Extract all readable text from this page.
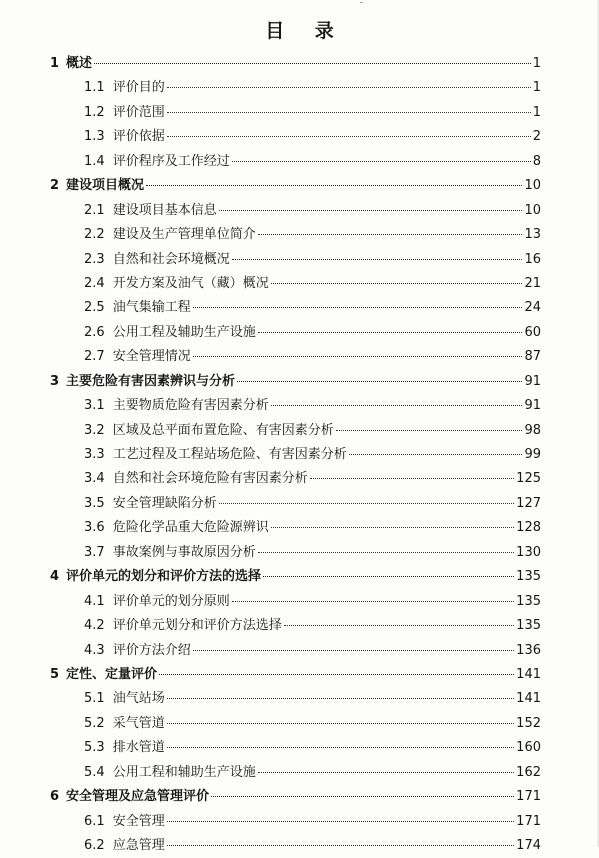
目 录
1 概述	1
1.1 评价目的	1
1.2 评价范围	1
1.3 评价依据	2
1.4 评价程序及工作经过	8
2 建设项目概况	10
2.1 建设项目基本信息	10
2.2 建设及生产管理单位简介	13
2.3 自然和社会环境概况	16
2.4 开发方案及油气（藏）概况	21
2.5 油气集输工程	24
2.6 公用工程及辅助生产设施	60
2.7 安全管理情况	87
3 主要危险有害因素辨识与分析	91
3.1 主要物质危险有害因素分析	91
3.2 区域及总平面布置危险、有害因素分析	98
3.3 工艺过程及工程站场危险、有害因素分析	99
3.4 自然和社会环境危险有害因素分析	125
3.5 安全管理缺陷分析	127
3.6 危险化学品重大危险源辨识	128
3.7 事故案例与事故原因分析	130
4 评价单元的划分和评价方法的选择	135
4.1 评价单元的划分原则	135
4.2 评价单元划分和评价方法选择	135
4.3 评价方法介绍	136
5 定性、定量评价	141
5.1 油气站场	141
5.2 采气管道	152
5.3 排水管道	160
5.4 公用工程和辅助生产设施	162
6 安全管理及应急管理评价	171
6.1 安全管理	171
6.2 应急管理	174
